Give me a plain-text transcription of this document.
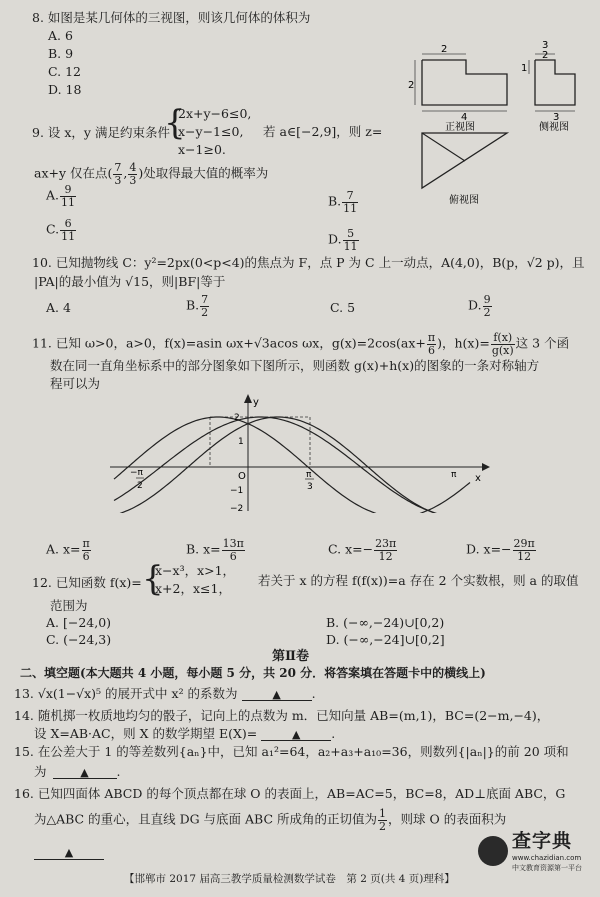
8. 如图是某几何体的三视图，则该几何体的体积为
A. 6
B. 9
C. 12
D. 18
2
2
4
3
2
1
3
正视图	侧视图
俯视图
9. 设 x，y 满足约束条件
{
2x+y−6≤0,
x−y−1≤0, 若 a∈[−2,9]，则 z=
x−1≥0.
ax+y 仅在点( $\frac{7}{3}$ , $\frac{4}{3}$ )处取得最大值的概率为
A. $\frac{9}{11}$	B. $\frac{7}{11}$
C. $\frac{6}{11}$	D. $\frac{5}{11}$
10. 已知抛物线 C：y²=2px(0<p<4)的焦点为 F，点 P 为 C 上一动点，A(4,0)，B(p，√2 p)，且
|PA|的最小值为 √15，则|BF|等于
A. 4	B. $\frac{7}{2}$	C. 5	D. $\frac{9}{2}$
11. 已知 ω>0，a>0，f(x)=asin ωx+√3acos ωx，$g(x)=2\cos(ax+ \frac{\pi}{6}$ )，$h(x)= \frac{f(x)}{g(x)}$ 这 3 个函
数在同一直角坐标系中的部分图象如下图所示，则函数 g(x)+h(x)的图象的一条对称轴方
程可以为
y
x
O
2
1
−1
−2
−π
2
π
3
π
A. $x= \frac{\pi}{6}$	B. $x= \frac{13\pi}{6}$	C. $x=- \frac{23\pi}{12}$	D. $x=- \frac{29\pi}{12}$
12. 已知函数 f(x)= {
x−x³，x>1，
x+2，x≤1，
若关于 x 的方程 f(f(x))=a 存在 2 个实数根，则 a 的取值
范围为
A. [−24,0)	B. (−∞,−24)∪[0,2)
C. (−24,3)	D. (−∞,−24]∪[0,2]
第Ⅱ卷
二、填空题(本大题共 4 小题，每小题 5 分，共 20 分．将答案填在答题卡中的横线上)
13. √x(1−√x)⁵ 的展开式中 x² 的系数为	▲ .
14. 随机掷一枚质地均匀的骰子，记向上的点数为 m．已知向量 AB=(m,1)，BC=(2−m,−4)，
设 X=AB·AC，则 X 的数学期望 E(X)=	▲ .
15. 在公差大于 1 的等差数列{aₙ}中，已知 a₁²=64，a₂+a₃+a₁₀=36，则数列{|aₙ|}的前 20 项和
为	▲ .
16. 已知四面体 ABCD 的每个顶点都在球 O 的表面上，AB=AC=5，BC=8，AD⊥底面 ABC，G
为△ABC 的重心，且直线 DG 与底面 ABC 所成角的正切值为 $\frac{1}{2}$ ，则球 O 的表面积为
▲
【邯郸市 2017 届高三教学质量检测数学试卷　第 2 页(共 4 页)理科】
查字典
www.chazidian.com
中文教育资源第一平台
